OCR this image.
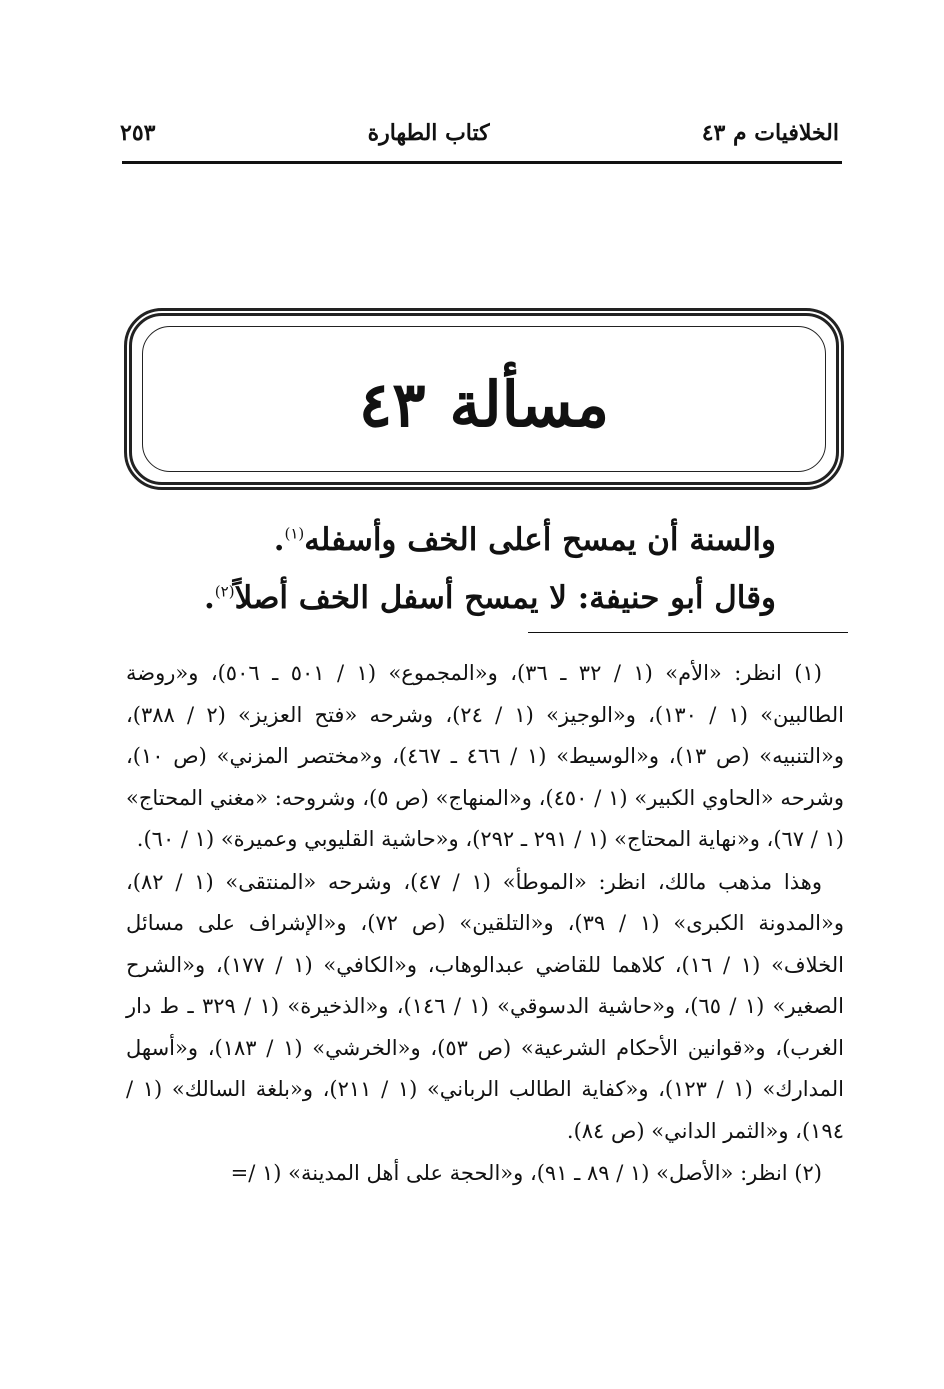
الخلافيات م ٤٣
كتاب الطهارة
٢٥٣
مسألة٤٣
والسنة أن يمسح أعلى الخف وأسفله$^{(١)}$.
وقال أبو حنيفة: لا يمسح أسفل الخف أصلاً$^{(٢)}$.

(١) انظر: «الأم» (١ / ٣٢ ـ ٣٦)، و«المجموع» (١ / ٥٠١ ـ ٥٠٦)، و«روضة الطالبين» (١ / ١٣٠)، و«الوجيز» (١ / ٢٤)، وشرحه «فتح العزيز» (٢ / ٣٨٨)، و«التنبيه» (ص ١٣)، و«الوسيط» (١ / ٤٦٦ ـ ٤٦٧)، و«مختصر المزني» (ص ١٠)، وشرحه «الحاوي الكبير» (١ / ٤٥٠)، و«المنهاج» (ص ٥)، وشروحه: «مغني المحتاج» (١ / ٦٧)، و«نهاية المحتاج» (١ / ٢٩١ ـ ٢٩٢)، و«حاشية القليوبي وعميرة» (١ / ٦٠).

وهذا مذهب مالك، انظر: «الموطأ» (١ / ٤٧)، وشرحه «المنتقى» (١ / ٨٢)، و«المدونة الكبرى» (١ / ٣٩)، و«التلقين» (ص ٧٢)، و«الإشراف على مسائل الخلاف» (١ / ١٦)، كلاهما للقاضي عبدالوهاب، و«الكافي» (١ / ١٧٧)، و«الشرح الصغير» (١ / ٦٥)، و«حاشية الدسوقي» (١ / ١٤٦)، و«الذخيرة» (١ / ٣٢٩ ـ ط دار الغرب)، و«قوانين الأحكام الشرعية» (ص ٥٣)، و«الخرشي» (١ / ١٨٣)، و«أسهل المدارك» (١ / ١٢٣)، و«كفاية الطالب الرباني» (١ / ٢١١)، و«بلغة السالك» (١ / ١٩٤)، و«الثمر الداني» (ص ٨٤).

(٢) انظر: «الأصل» (١ / ٨٩ ـ ٩١)، و«الحجة على أهل المدينة» (١ /=
